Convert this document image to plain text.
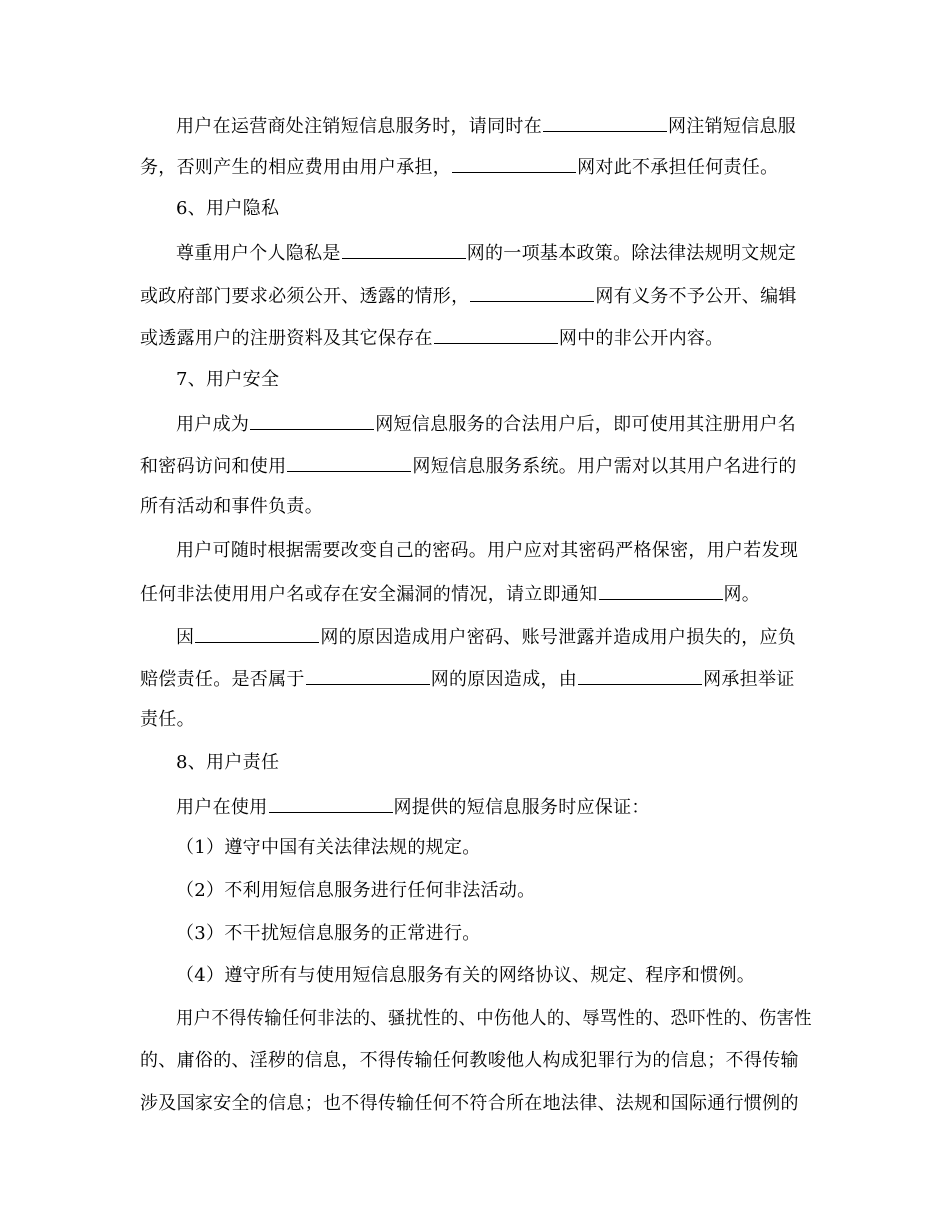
用户在运营商处注销短信息服务时，请同时在	网注销短信息服
务，否则产生的相应费用由用户承担，	网对此不承担任何责任。
6、用户隐私
尊重用户个人隐私是	网的一项基本政策。除法律法规明文规定
或政府部门要求必须公开、透露的情形，	网有义务不予公开、编辑
或透露用户的注册资料及其它保存在	网中的非公开内容。
7、用户安全
用户成为	网短信息服务的合法用户后，即可使用其注册用户名
和密码访问和使用	网短信息服务系统。用户需对以其用户名进行的
所有活动和事件负责。
用户可随时根据需要改变自己的密码。用户应对其密码严格保密，用户若发现
任何非法使用用户名或存在安全漏洞的情况，请立即通知	网。
因	网的原因造成用户密码、账号泄露并造成用户损失的，应负
赔偿责任。是否属于	网的原因造成，由	网承担举证
责任。
8、用户责任
用户在使用	网提供的短信息服务时应保证：
（1）遵守中国有关法律法规的规定。
（2）不利用短信息服务进行任何非法活动。
（3）不干扰短信息服务的正常进行。
（4）遵守所有与使用短信息服务有关的网络协议、规定、程序和惯例。
用户不得传输任何非法的、骚扰性的、中伤他人的、辱骂性的、恐吓性的、伤害性
的、庸俗的、淫秽的信息，不得传输任何教唆他人构成犯罪行为的信息；不得传输
涉及国家安全的信息；也不得传输任何不符合所在地法律、法规和国际通行惯例的
